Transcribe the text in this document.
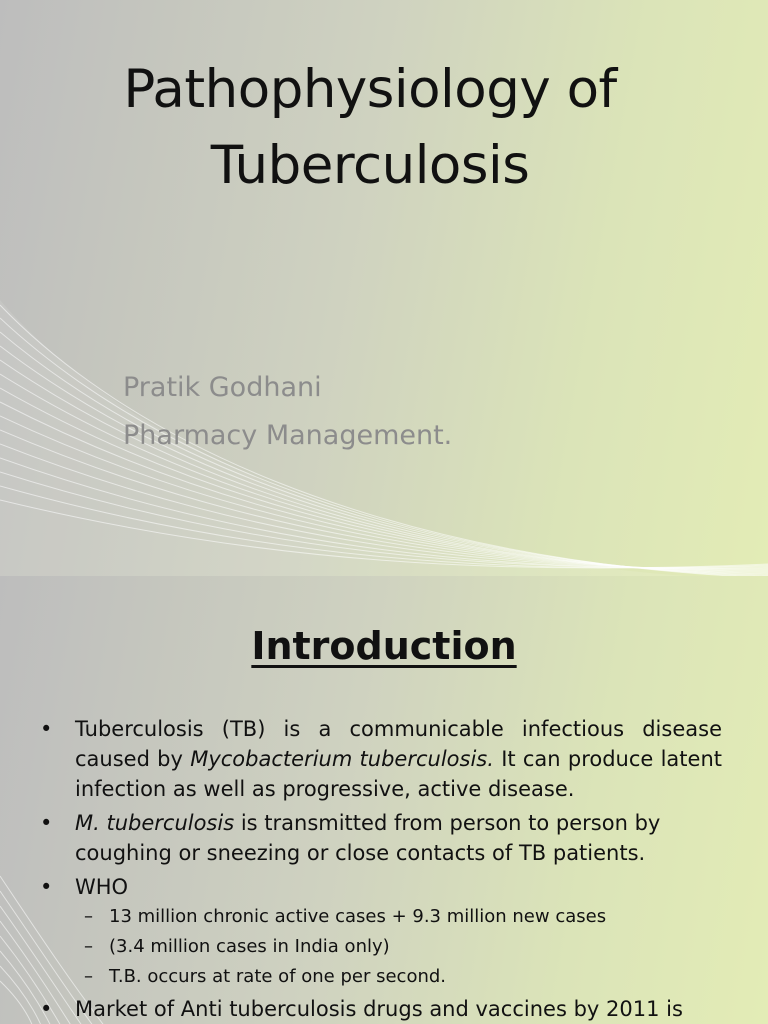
Pathophysiology of
Tuberculosis
Pratik Godhani
Pharmacy Management.
Introduction
• Tuberculosis (TB) is a communicable infectious disease caused by Mycobacterium tuberculosis. It can produce latent infection as well as progressive, active disease.
• M. tuberculosis is transmitted from person to person by coughing or sneezing or close contacts of TB patients.
• WHO
– 13 million chronic active cases + 9.3 million new cases
– (3.4 million cases in India only)
– T.B. occurs at rate of one per second.
• Market of Anti tuberculosis drugs and vaccines by 2011 is
